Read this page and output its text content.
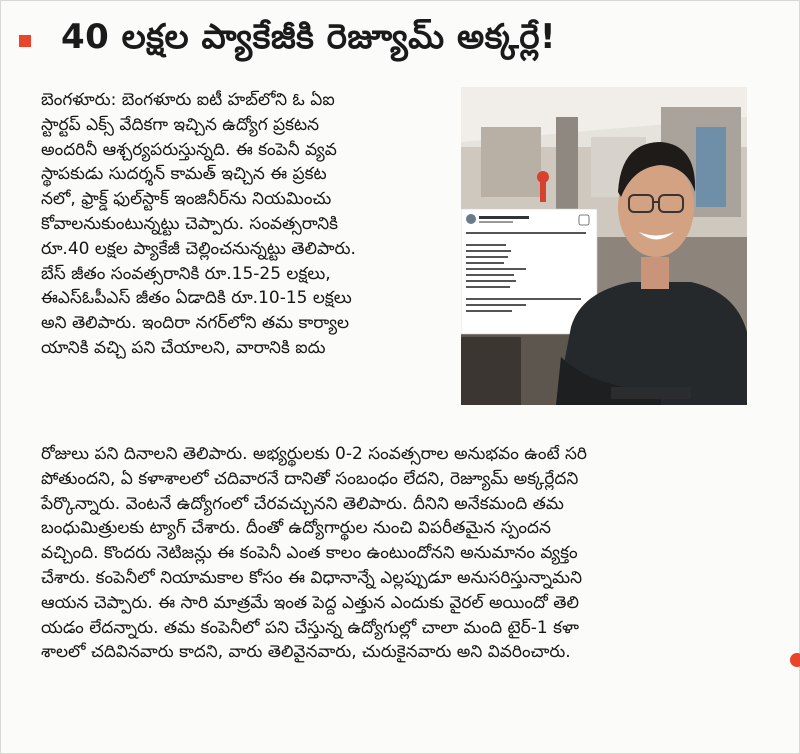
40 లక్షల ప్యాకేజీకి రెజ్యూమ్ అక్కర్లే!
బెంగళూరు: బెంగళూరు ఐటీ హబ్‌లోని ఓ ఏఐ
స్టార్టప్ ఎక్స్ వేదికగా ఇచ్చిన ఉద్యోగ ప్రకటన
అందరినీ ఆశ్చర్యపరుస్తున్నది. ఈ కంపెనీ వ్యవ
స్థాపకుడు సుదర్శన్ కామత్ ఇచ్చిన ఈ ప్రకట
నలో, ఫ్రాక్డ్ ఫుల్‌స్టాక్ ఇంజినీర్‌ను నియమించు
కోవాలనుకుంటున్నట్టు చెప్పారు. సంవత్సరానికి
రూ.40 లక్షల ప్యాకేజీ చెల్లించనున్నట్టు తెలిపారు.
బేస్ జీతం సంవత్సరానికి రూ.15-25 లక్షలు,
ఈఎస్‌ఓపీఎస్ జీతం ఏడాదికి రూ.10-15 లక్షలు
అని తెలిపారు. ఇందిరా నగర్‌లోని తమ కార్యాల
యానికి వచ్చి పని చేయాలని, వారానికి ఐదు
రోజులు పని దినాలని తెలిపారు. అభ్యర్థులకు 0-2 సంవత్సరాల అనుభవం ఉంటే సరి
పోతుందని, ఏ కళాశాలలో చదివారనే దానితో సంబంధం లేదని, రెజ్యూమ్ అక్కర్లేదని
పేర్కొన్నారు. వెంటనే ఉద్యోగంలో చేరవచ్చునని తెలిపారు. దీనిని అనేకమంది తమ
బంధుమిత్రులకు ట్యాగ్ చేశారు. దీంతో ఉద్యోగార్థుల నుంచి విపరీతమైన స్పందన
వచ్చింది. కొందరు నెటిజన్లు ఈ కంపెనీ ఎంత కాలం ఉంటుందోనని అనుమానం వ్యక్తం
చేశారు. కంపెనీలో నియామకాల కోసం ఈ విధానాన్నే ఎల్లప్పుడూ అనుసరిస్తున్నామని
ఆయన చెప్పారు. ఈ సారి మాత్రమే ఇంత పెద్ద ఎత్తున ఎందుకు వైరల్ అయిందో తెలి
యడం లేదన్నారు. తమ కంపెనీలో పని చేస్తున్న ఉద్యోగుల్లో చాలా మంది టైర్-1 కళా
శాలలో చదివినవారు కాదని, వారు తెలివైనవారు, చురుకైనవారు అని వివరించారు.
